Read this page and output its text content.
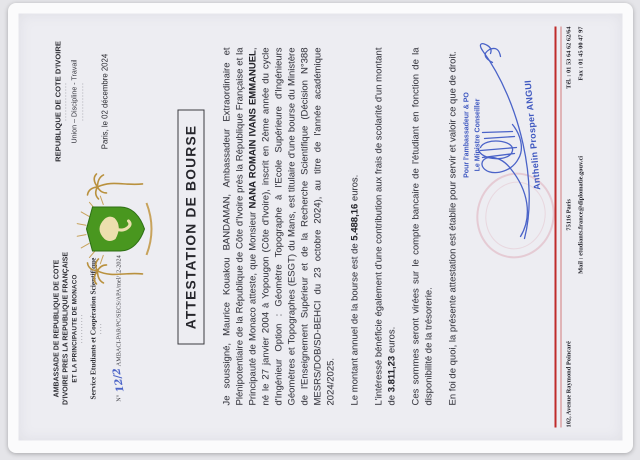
AMBASSADE DE REPUBLIQUE DE COTE D'IVOIRE PRES LA REPUBLIQUE FRANÇAISE ET LA PRINCIPAUTE DE MONACO ·········· Service Etudiants et Coopération Scientifique ····
N°12/2AMBACI-PAR/PC/SECS/APA/mel/12-2024
REPUBLIQUE DE COTE D'IVOIRE ············· Union – Discipline - Travail ············· Paris, le 02 décembre 2024
ATTESTATION DE BOURSE	Je soussigné, Maurice Kouakou BANDAMAN, Ambassadeur Extraordinaire et Plénipotentiaire de la République de Côte d'Ivoire près la République Française et la Principauté de Monaco atteste, que Monsieur NANA ROMAIN IVANS EMMANUEL, né le 27 janvier 2004 à Yopougon (Côte d'Ivoire), inscrit en 2ème année du cycle d'Ingénieur Option : Géomètre Topographe à l'Ecole Supérieure d'Ingénieurs Géomètres et Topographes (ESGT) du Mans, est titulaire d'une bourse du Ministère de l'Enseignement Supérieur et de la Recherche Scientifique (Décision N°388 MESRS/DOB/SD-BEHCI du 23 octobre 2024), au titre de l'année académique 2024/2025. Le montant annuel de la bourse est de 5.488,16 euros. L'intéressé bénéficie également d'une contribution aux frais de scolarité d'un montant de 3.811,23 euros. Ces sommes seront virées sur le compte bancaire de l'étudiant en fonction de la disponibilité de la trésorerie. En foi de quoi, la présente attestation est établie pour servir et valoir ce que de droit. Pour l'ambassadeur & PO Le Ministre Conseiller	Anthelin Prosper ANGUI
102, Avenue Raymond Poincaré
75116 Paris Mail : etudiants.france@diplomatie.gouv.ci
Tél. : 01 53 64 62 62/64 Fax : 01 45 00 47 97
